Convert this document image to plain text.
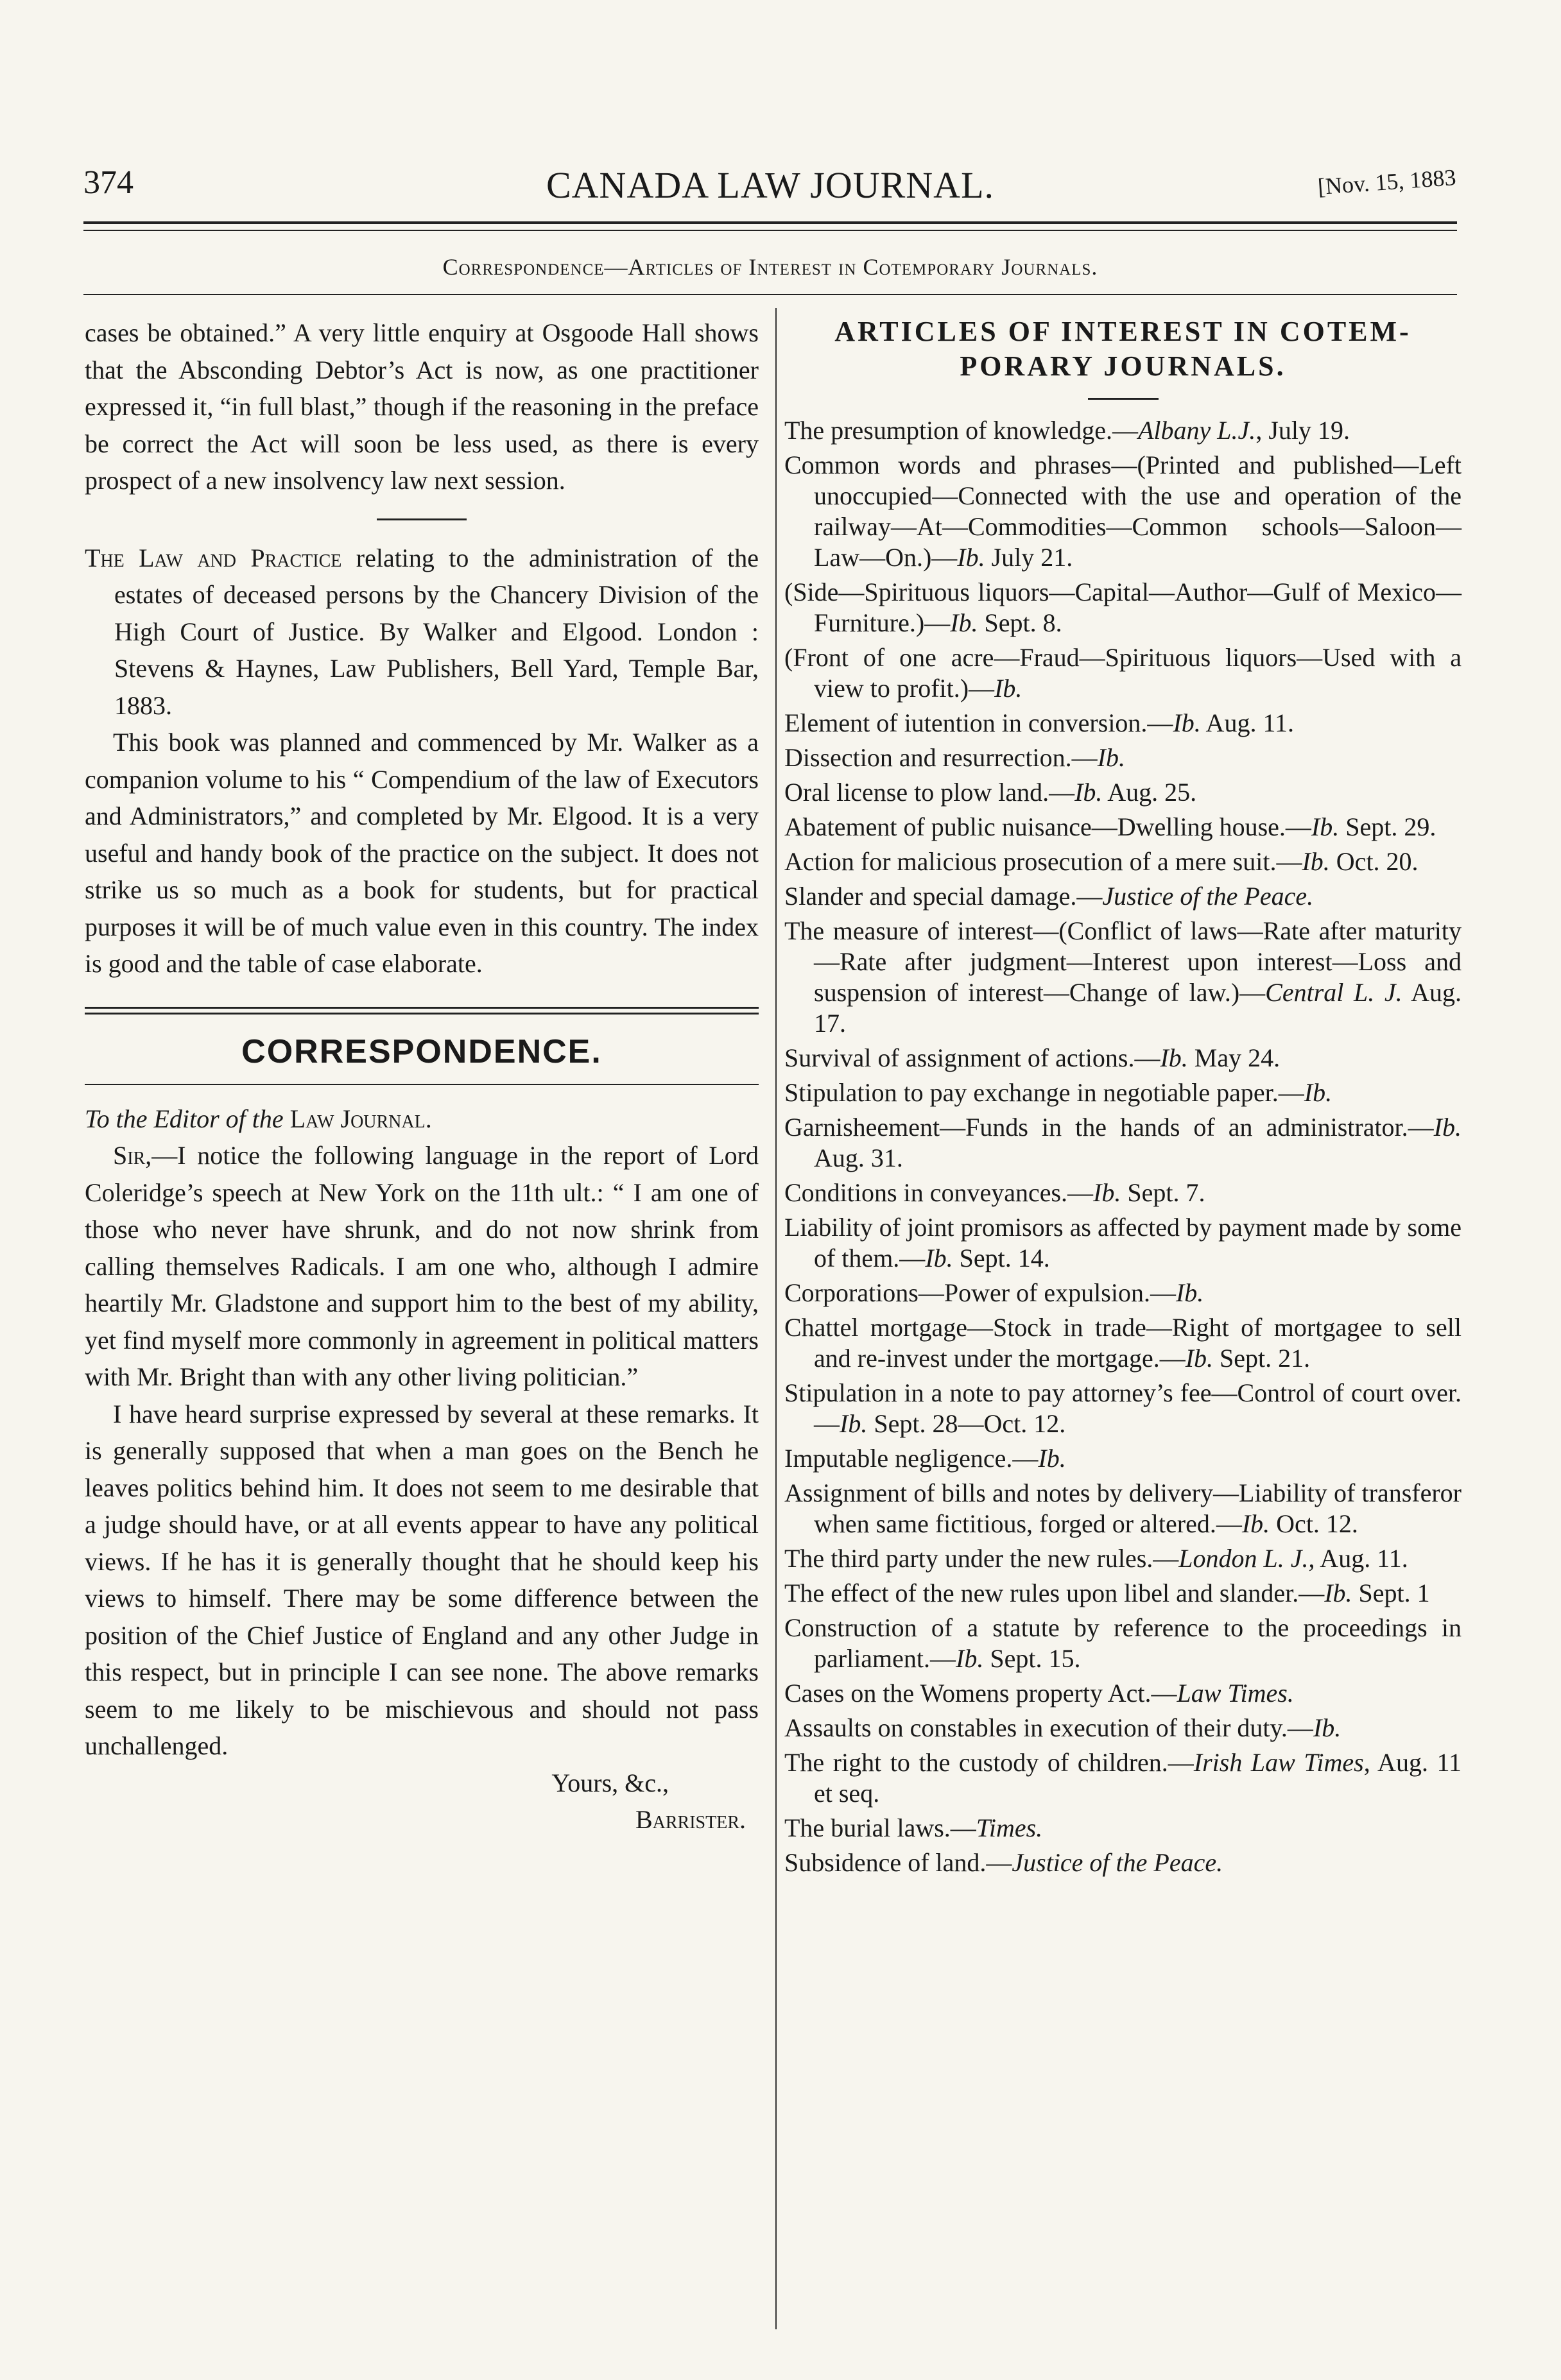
374	CANADA LAW JOURNAL.	[Nov. 15, 1883
Correspondence—Articles of Interest in Cotemporary Journals.

cases be obtained.” A very little enquiry at Osgoode Hall shows that the Absconding Debtor’s Act is now, as one practitioner expressed it, “in full blast,” though if the reasoning in the preface be correct the Act will soon be less used, as there is every prospect of a new insolvency law next session.

The Law and Practice relating to the administration of the estates of deceased persons by the Chancery Division of the High Court of Justice. By Walker and Elgood. London : Stevens & Haynes, Law Publishers, Bell Yard, Temple Bar, 1883.

This book was planned and commenced by Mr. Walker as a companion volume to his “ Compendium of the law of Executors and Administrators,” and completed by Mr. Elgood. It is a very useful and handy book of the practice on the subject. It does not strike us so much as a book for students, but for practical purposes it will be of much value even in this country. The index is good and the table of case elaborate.

CORRESPONDENCE.

To the Editor of the Law Journal.

Sir,—I notice the following language in the report of Lord Coleridge’s speech at New York on the 11th ult.: “ I am one of those who never have shrunk, and do not now shrink from calling themselves Radicals. I am one who, although I admire heartily Mr. Gladstone and support him to the best of my ability, yet find myself more commonly in agreement in political matters with Mr. Bright than with any other living politician.”

I have heard surprise expressed by several at these remarks. It is generally supposed that when a man goes on the Bench he leaves politics behind him. It does not seem to me desirable that a judge should have, or at all events appear to have any political views. If he has it is generally thought that he should keep his views to himself. There may be some difference between the position of the Chief Justice of England and any other Judge in this respect, but in principle I can see none. The above remarks seem to me likely to be mischievous and should not pass unchallenged.

Yours, &c.,
Barrister.
ARTICLES OF INTEREST IN COTEM-
PORARY JOURNALS.
The presumption of knowledge.—Albany L.J., July 19.
Common words and phrases—(Printed and published—Left unoccupied—Connected with the use and operation of the railway—At—Commodities—Common schools—Saloon—Law—On.)—Ib. July 21.
(Side—Spirituous liquors—Capital—Author—Gulf of Mexico—Furniture.)—Ib. Sept. 8.
(Front of one acre—Fraud—Spirituous liquors—Used with a view to profit.)—Ib.
Element of iutention in conversion.—Ib. Aug. 11.
Dissection and resurrection.—Ib.
Oral license to plow land.—Ib. Aug. 25.
Abatement of public nuisance—Dwelling house.—Ib. Sept. 29.
Action for malicious prosecution of a mere suit.—Ib. Oct. 20.
Slander and special damage.—Justice of the Peace.
The measure of interest—(Conflict of laws—Rate after maturity—Rate after judgment—Interest upon interest—Loss and suspension of interest—Change of law.)—Central L. J. Aug. 17.
Survival of assignment of actions.—Ib. May 24.
Stipulation to pay exchange in negotiable paper.—Ib.
Garnisheement—Funds in the hands of an administrator.—Ib. Aug. 31.
Conditions in conveyances.—Ib. Sept. 7.
Liability of joint promisors as affected by payment made by some of them.—Ib. Sept. 14.
Corporations—Power of expulsion.—Ib.
Chattel mortgage—Stock in trade—Right of mortgagee to sell and re-invest under the mortgage.—Ib. Sept. 21.
Stipulation in a note to pay attorney’s fee—Control of court over.—Ib. Sept. 28—Oct. 12.
Imputable negligence.—Ib.
Assignment of bills and notes by delivery—Liability of transferor when same fictitious, forged or altered.—Ib. Oct. 12.
The third party under the new rules.—London L. J., Aug. 11.
The effect of the new rules upon libel and slander.—Ib. Sept. 1
Construction of a statute by reference to the proceedings in parliament.—Ib. Sept. 15.
Cases on the Womens property Act.—Law Times.
Assaults on constables in execution of their duty.—Ib.
The right to the custody of children.—Irish Law Times, Aug. 11 et seq.
The burial laws.—Times.
Subsidence of land.—Justice of the Peace.
